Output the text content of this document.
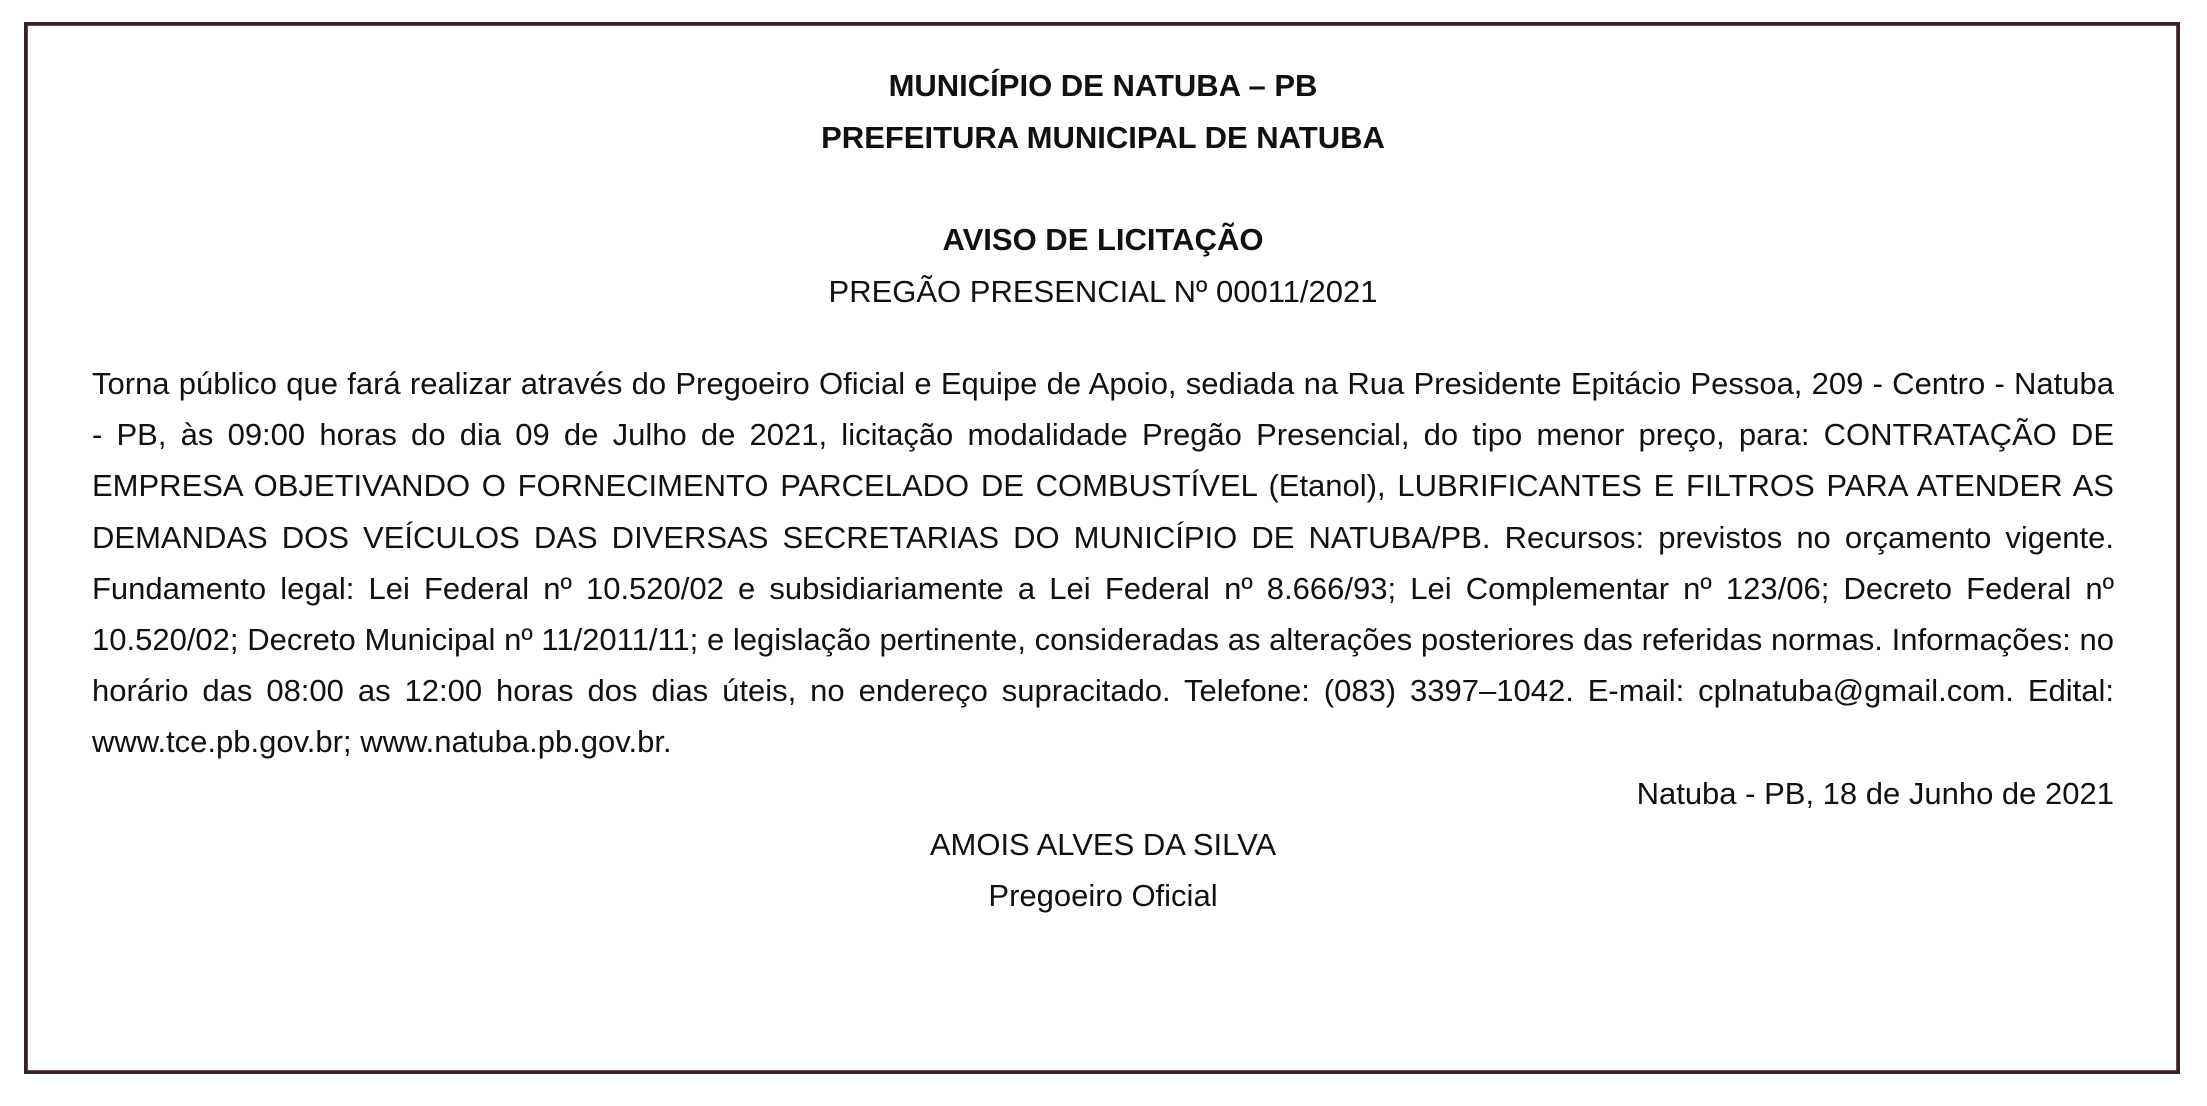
MUNICÍPIO DE NATUBA – PB

PREFEITURA MUNICIPAL DE NATUBA

AVISO DE LICITAÇÃO

PREGÃO PRESENCIAL Nº 00011/2021

Torna público que fará realizar através do Pregoeiro Oficial e Equipe de Apoio, sediada na Rua Presidente Epitácio Pessoa, 209 - Centro - Natuba - PB, às 09:00 horas do dia 09 de Julho de 2021, licitação modalidade Pregão Presencial, do tipo menor preço, para: CONTRATAÇÃO DE EMPRESA OBJETIVANDO O FORNECIMENTO PARCELADO DE COMBUSTÍVEL (Etanol), LUBRIFICANTES E FILTROS PARA ATENDER AS DEMANDAS DOS VEÍCULOS DAS DIVERSAS SECRETARIAS DO MUNICÍPIO DE NATUBA/PB. Recursos: previstos no orçamento vigente. Fundamento legal: Lei Federal nº 10.520/02 e subsidiariamente a Lei Federal nº 8.666/93; Lei Complementar nº 123/06; Decreto Federal nº 10.520/02; Decreto Municipal nº 11/2011/11; e legislação pertinente, consideradas as alterações posteriores das referidas normas. Informações: no horário das 08:00 as 12:00 horas dos dias úteis, no endereço supracitado. Telefone: (083) 3397–1042. E-mail: cplnatuba@gmail.com. Edital: www.tce.pb.gov.br; www.natuba.pb.gov.br.

Natuba - PB, 18 de Junho de 2021

AMOIS ALVES DA SILVA

Pregoeiro Oficial
